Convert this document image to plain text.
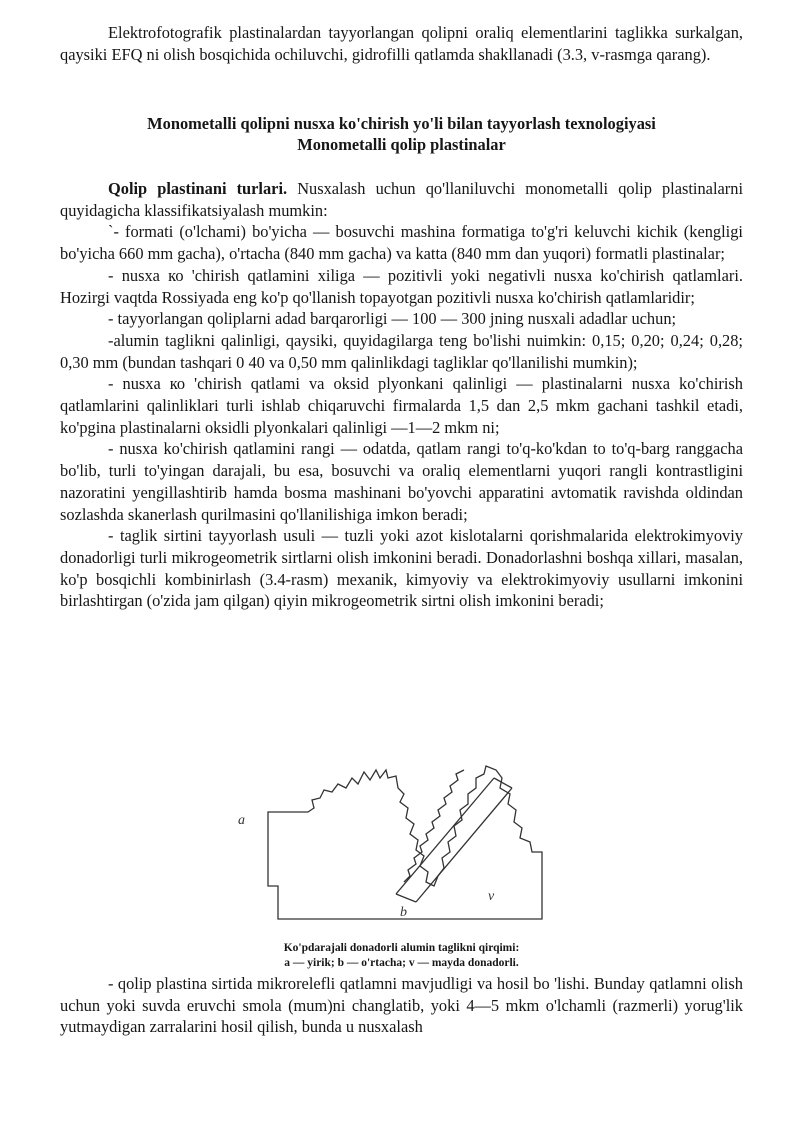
Elektrofotografik plastinalardan tayyorlangan qolipni oraliq elementlarini taglikka surkalgan, qaysiki EFQ ni olish bosqichida ochiluvchi, gidrofilli qatlamda shakllanadi (3.3, v-rasmga qarang).

Monometalli qolipni nusxa ko'chirish yo'li bilan tayyorlash texnologiyasi

Monometalli qolip plastinalar

Qolip plastinani turlari. Nusxalash uchun qo'llaniluvchi monometalli qolip plastinalarni quyidagicha klassifikatsiyalash mumkin:

`- formati (o'lchami) bo'yicha — bosuvchi mashina formatiga to'g'ri keluvchi kichik (kengligi bo'yicha 660 mm gacha), o'rtacha (840 mm gacha) va katta (840 mm dan yuqori) formatli plastinalar;

- nusxa ко 'chirish qatlamini xiliga — pozitivli yoki negativli nusxa ko'chirish qatlamlari. Hozirgi vaqtda Rossiyada eng ko'p qo'llanish topayotgan pozitivli nusxa ko'chirish qatlamlaridir;

- tayyorlangan qoliplarni adad barqarorligi — 100 — 300 jning nusxali adadlar uchun;

-alumin taglikni qalinligi, qaysiki, quyidagilarga teng bo'lishi nuimkin: 0,15; 0,20; 0,24; 0,28; 0,30 mm (bundan tashqari 0 40 va 0,50 mm qalinlikdagi tagliklar qo'llanilishi mumkin);

- nusxa ко 'chirish qatlami va oksid plyonkani qalinligi — plastinalarni nusxa ko'chirish qatlamlarini qalinliklari turli ishlab chiqaruvchi firmalarda 1,5 dan 2,5 mkm gachani tashkil etadi, ko'pgina plastinalarni oksidli plyonkalari qalinligi —1—2 mkm ni;

- nusxa ko'chirish qatlamini rangi — odatda, qatlam rangi to'q-ko'kdan to to'q-barg ranggacha bo'lib, turli to'yingan darajali, bu esa, bosuvchi va oraliq elementlarni yuqori rangli kontrastligini nazoratini yengillashtirib hamda bosma mashinani bo'yovchi apparatini avtomatik ravishda oldindan sozlashda skanerlash qurilmasini qo'llanilishiga imkon beradi;

- taglik sirtini tayyorlash usuli — tuzli yoki azot kislotalarni qorishmalarida elektrokimyoviy donadorligi turli mikrogeometrik sirtlarni olish imkonini beradi. Donadorlashni boshqa xillari, masalan, ko'p bosqichli kombinirlash (3.4-rasm) mexanik, kimyoviy va elektrokimyoviy usullarni imkonini birlashtirgan (o'zida jam qilgan) qiyin mikrogeometrik sirtni olish imkonini beradi;

a
b
v
Ko'pdarajali donadorli alumin taglikni qirqimi:
a — yirik; b — o'rtacha; v — mayda donadorli.

- qolip plastina sirtida mikrorelefli qatlamni mavjudligi va hosil bo 'lishi. Bunday qatlamni olish uchun yoki suvda eruvchi smola (mum)ni changlatib, yoki 4—5 mkm o'lchamli (razmerli) yorug'lik yutmaydigan zarralarini hosil qilish, bunda u nusxalash
